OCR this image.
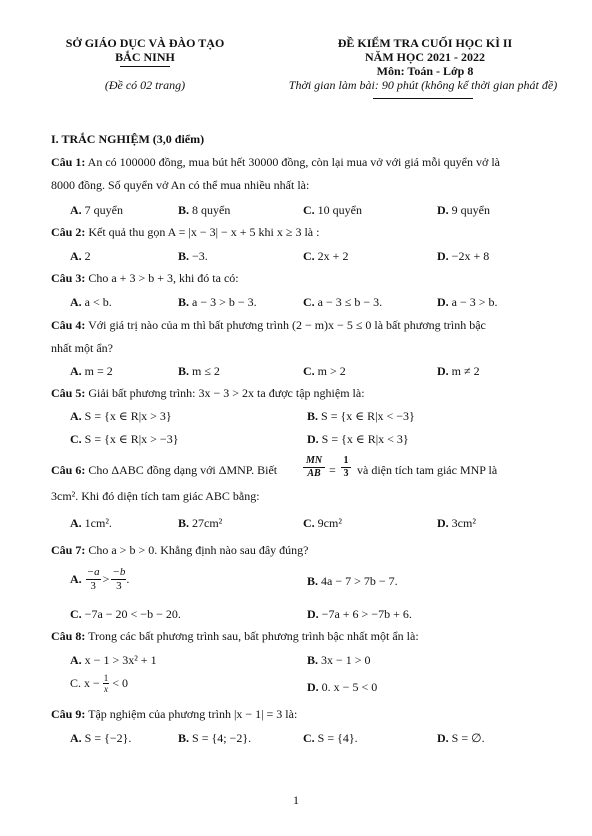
SỞ GIÁO DỤC VÀ ĐÀO TẠO
BẮC NINH
(Đề có 02 trang)
ĐỀ KIỂM TRA CUỐI HỌC KÌ II
NĂM HỌC 2021 - 2022
Môn: Toán - Lớp 8
Thời gian làm bài: 90 phút (không kể thời gian phát đề)
I. TRẮC NGHIỆM (3,0 điểm)
Câu 1: An có 100000 đồng, mua bút hết 30000 đồng, còn lại mua vở với giá mỗi quyển vở là
8000 đồng. Số quyển vở An có thể mua nhiều nhất là:
A. 7 quyển	B. 8 quyển	C. 10 quyển	D. 9 quyển
Câu 2: Kết quả thu gọn A = |x − 3| − x + 5 khi x ≥ 3 là :
A. 2	B. −3.	C. 2x + 2	D. −2x + 8
Câu 3: Cho a + 3 > b + 3, khi đó ta có:
A. a < b.	B. a − 3 > b − 3.	C. a − 3 ≤ b − 3.	D. a − 3 > b.
Câu 4: Với giá trị nào của m thì bất phương trình (2 − m)x − 5 ≤ 0 là bất phương trình bậc
nhất một ẩn?
A. m = 2	B. m ≤ 2	C. m > 2	D. m ≠ 2
Câu 5: Giải bất phương trình: 3x − 3 > 2x ta được tập nghiệm là:
A. S = {x ∈ R|x > 3}	B. S = {x ∈ R|x < −3}
C. S = {x ∈ R|x > −3}	D. S = {x ∈ R|x < 3}
Câu 6: Cho ΔABC đồng dạng với ΔMNP. Biết	$\frac{MN}{AB} = \frac{1}{3}$ và diện tích tam giác MNP là
3cm². Khi đó diện tích tam giác ABC bằng:
A. 1cm².	B. 27cm²	C. 9cm²	D. 3cm²
Câu 7: Cho a > b > 0. Khẳng định nào sau đây đúng?
A. $\frac{-a}{3} > \frac{-b}{3}$ .	B. 4a − 7 > 7b − 7.
C. −7a − 20 < −b − 20.	D. −7a + 6 > −7b + 6.
Câu 8: Trong các bất phương trình sau, bất phương trình bậc nhất một ẩn là:
A. x − 1 > 3x² + 1	B. 3x − 1 > 0
C. $x - \frac{1}{x} < 0$	D. 0. x − 5 < 0
Câu 9: Tập nghiệm của phương trình |x − 1| = 3 là:
A. S = {−2}.	B. S = {4; −2}.	C. S = {4}.	D. S = ∅.
1
